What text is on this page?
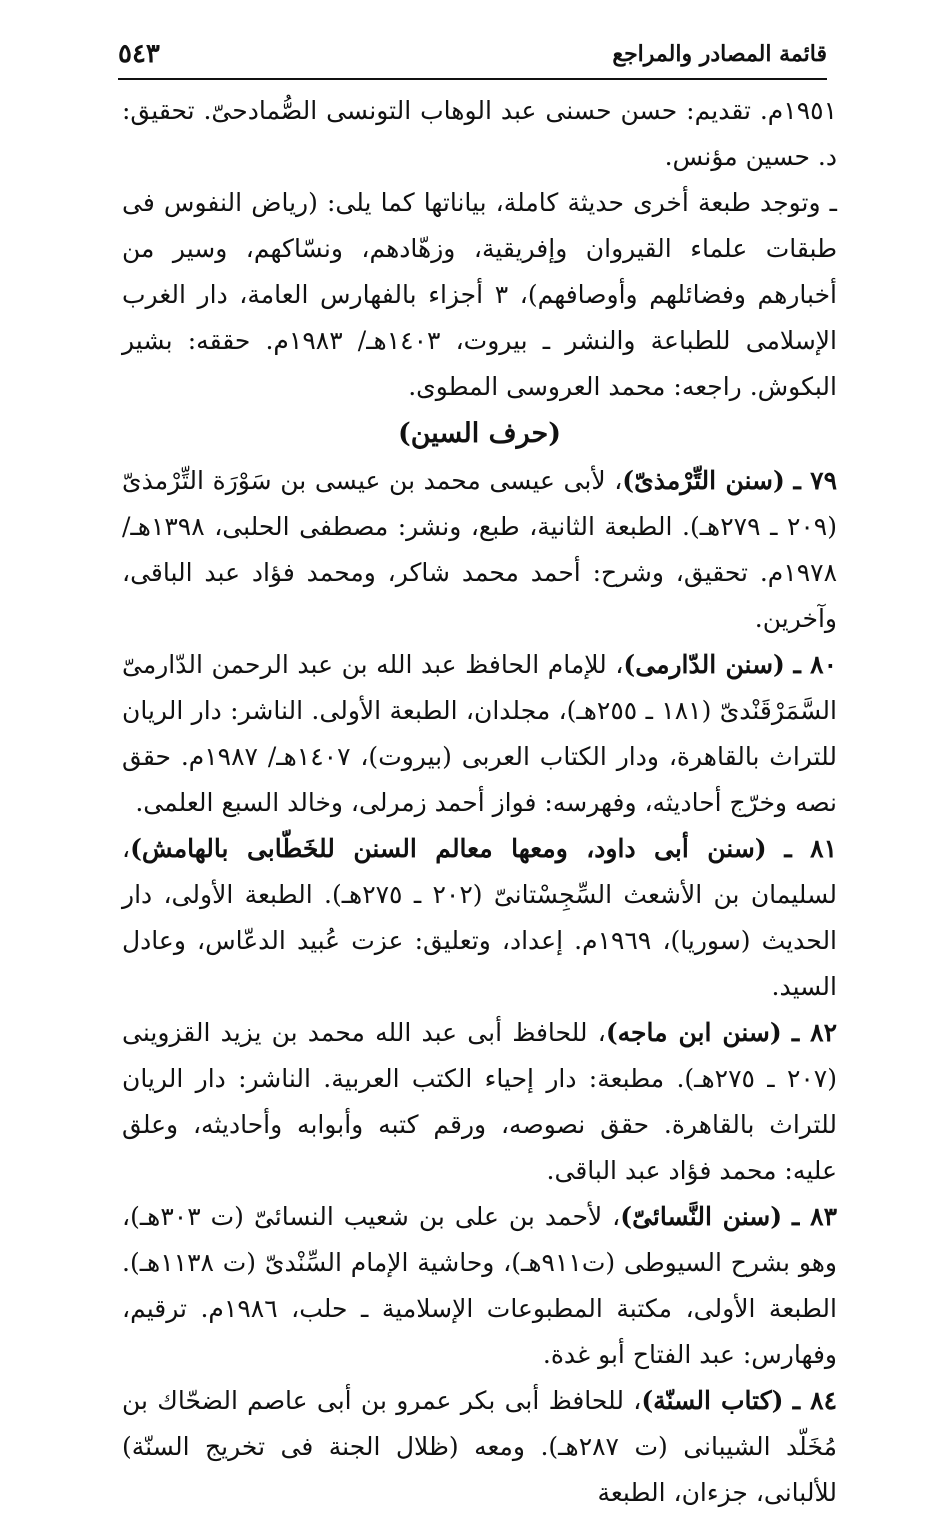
قائمة المصادر والمراجع
٥٤٣

١٩٥١م. تقديم: حسن حسنى عبد الوهاب التونسى الصُّمادحىّ. تحقيق: د. حسين مؤنس.

ـ وتوجد طبعة أخرى حديثة كاملة، بياناتها كما يلى: (رياض النفوس فى طبقات علماء القيروان وإفريقية، وزهّادهم، ونسّاكهم، وسير من أخبارهم وفضائلهم وأوصافهم)، ٣ أجزاء بالفهارس العامة، دار الغرب الإسلامى للطباعة والنشر ـ بيروت، ١٤٠٣هـ/ ١٩٨٣م. حققه: بشير البكوش. راجعه: محمد العروسى المطوى.

(حرف السين)

٧٩ ـ (سنن التِّرْمذىّ)، لأبى عيسى محمد بن عيسى بن سَوْرَة التِّرْمذىّ (٢٠٩ ـ ٢٧٩هـ). الطبعة الثانية، طبع، ونشر: مصطفى الحلبى، ١٣٩٨هـ/ ١٩٧٨م. تحقيق، وشرح: أحمد محمد شاكر، ومحمد فؤاد عبد الباقى، وآخرين.

٨٠ ـ (سنن الدّارمى)، للإمام الحافظ عبد الله بن عبد الرحمن الدّارمىّ السَّمَرْقَنْدىّ (١٨١ ـ ٢٥٥هـ)، مجلدان، الطبعة الأولى. الناشر: دار الريان للتراث بالقاهرة، ودار الكتاب العربى (بيروت)، ١٤٠٧هـ/ ١٩٨٧م. حقق نصه وخرّج أحاديثه، وفهرسه: فواز أحمد زمرلى، وخالد السبع العلمى.

٨١ ـ (سنن أبى داود، ومعها معالم السنن للخَطّابى بالهامش)، لسليمان بن الأشعث السِّجِسْتانىّ (٢٠٢ ـ ٢٧٥هـ). الطبعة الأولى، دار الحديث (سوريا)، ١٩٦٩م. إعداد، وتعليق: عزت عُبيد الدعّاس، وعادل السيد.

٨٢ ـ (سنن ابن ماجه)، للحافظ أبى عبد الله محمد بن يزيد القزوينى (٢٠٧ ـ ٢٧٥هـ). مطبعة: دار إحياء الكتب العربية. الناشر: دار الريان للتراث بالقاهرة. حقق نصوصه، ورقم كتبه وأبوابه وأحاديثه، وعلق عليه: محمد فؤاد عبد الباقى.

٨٣ ـ (سنن النَّسائىّ)، لأحمد بن على بن شعيب النسائىّ (ت ٣٠٣هـ)، وهو بشرح السيوطى (ت٩١١هـ)، وحاشية الإمام السِّنْدىّ (ت ١١٣٨هـ). الطبعة الأولى، مكتبة المطبوعات الإسلامية ـ حلب، ١٩٨٦م. ترقيم، وفهارس: عبد الفتاح أبو غدة.

٨٤ ـ (كتاب السنّة)، للحافظ أبى بكر عمرو بن أبى عاصم الضحّاك بن مُخَلّد الشيبانى (ت ٢٨٧هـ). ومعه (ظلال الجنة فى تخريج السنّة) للألبانى، جزءان، الطبعة
